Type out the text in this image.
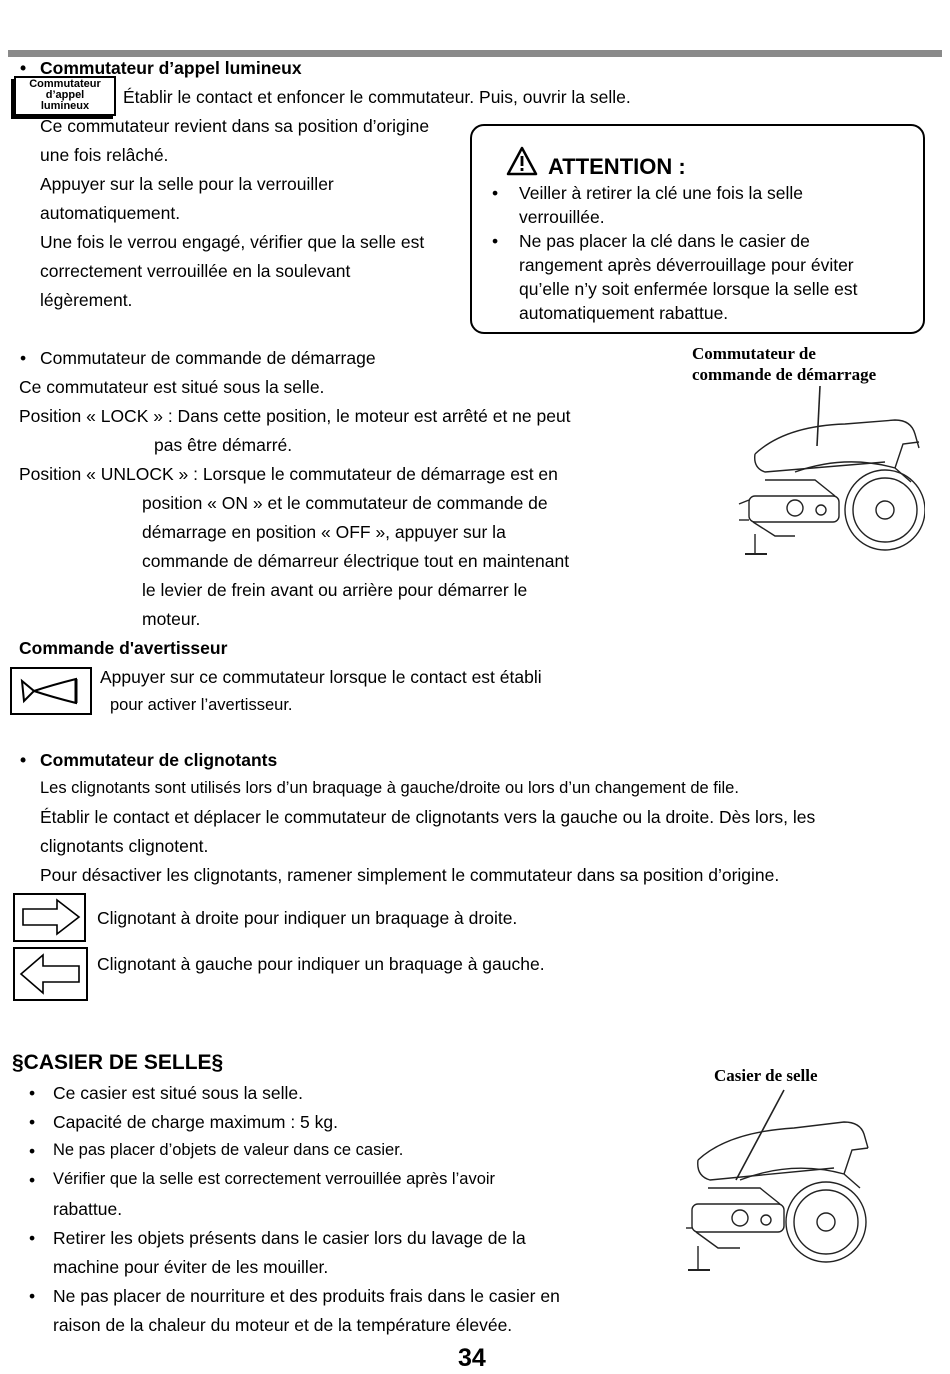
• Commutateur d’appel lumineux
Commutateur
d’appel
lumineux	Établir le contact et enfoncer le commutateur. Puis, ouvrir la selle.
Ce commutateur revient dans sa position d’origine
une fois relâché.
Appuyer sur la selle pour la verrouiller
automatiquement.
Une fois le verrou engagé, vérifier que la selle est
correctement verrouillée en la soulevant
légèrement.
ATTENTION :
• Veiller à retirer la clé une fois la selle
verrouillée.
• Ne pas placer la clé dans le casier de
rangement après déverrouillage pour éviter
qu’elle n’y soit enfermée lorsque la selle est
automatiquement rabattue.
• Commutateur de commande de démarrage
Ce commutateur est situé sous la selle.
Position « LOCK » : Dans cette position, le moteur est arrêté et ne peut
pas être démarré.
Position « UNLOCK » : Lorsque le commutateur de démarrage est en
position « ON » et le commutateur de commande de
démarrage en position « OFF », appuyer sur la
commande de démarreur électrique tout en maintenant
le levier de frein avant ou arrière pour démarrer le
moteur.
Commutateur de
commande de démarrage
Commande d'avertisseur
Appuyer sur ce commutateur lorsque le contact est établi
pour activer l’avertisseur.
• Commutateur de clignotants
Les clignotants sont utilisés lors d’un braquage à gauche/droite ou lors d’un changement de file.
Établir le contact et déplacer le commutateur de clignotants vers la gauche ou la droite. Dès lors, les
clignotants clignotent.
Pour désactiver les clignotants, ramener simplement le commutateur dans sa position d’origine.
Clignotant à droite pour indiquer un braquage à droite.
Clignotant à gauche pour indiquer un braquage à gauche.
§CASIER DE SELLE§
• Ce casier est situé sous la selle.
• Capacité de charge maximum : 5 kg.
• Ne pas placer d’objets de valeur dans ce casier.
• Vérifier que la selle est correctement verrouillée après l’avoir
rabattue.
• Retirer les objets présents dans le casier lors du lavage de la
machine pour éviter de les mouiller.
• Ne pas placer de nourriture et des produits frais dans le casier en
raison de la chaleur du moteur et de la température élevée.
Casier de selle
34
